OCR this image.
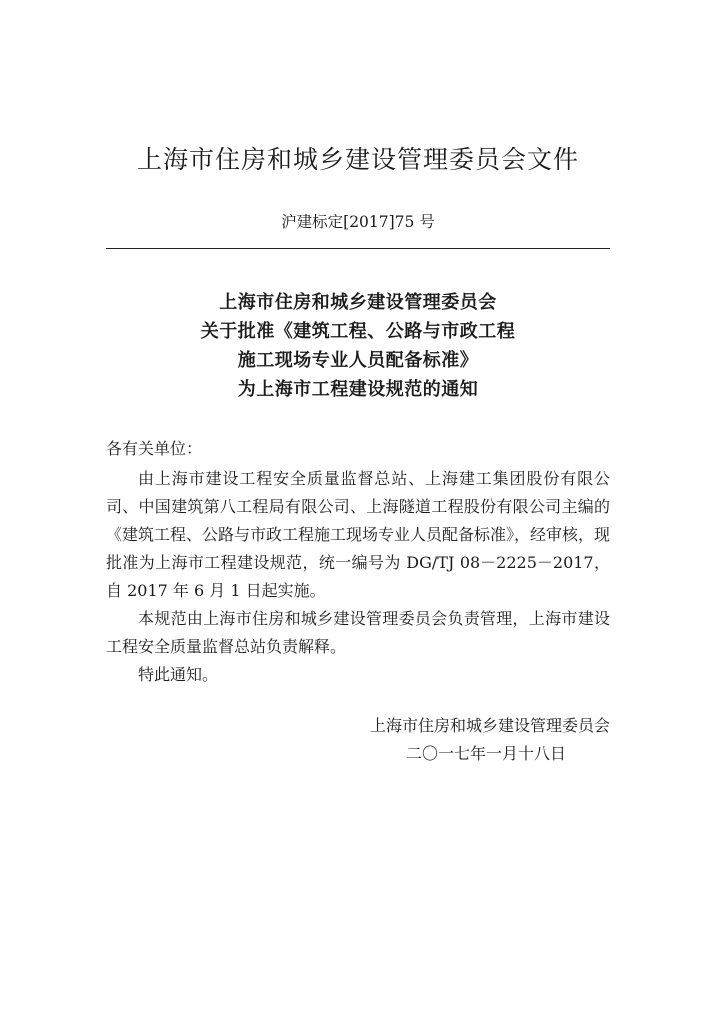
上海市住房和城乡建设管理委员会文件
沪建标定[2017]75 号
上海市住房和城乡建设管理委员会
关于批准《建筑工程、公路与市政工程
施工现场专业人员配备标准》
为上海市工程建设规范的通知
各有关单位：

由上海市建设工程安全质量监督总站、上海建工集团股份有限公司、中国建筑第八工程局有限公司、上海隧道工程股份有限公司主编的《建筑工程、公路与市政工程施工现场专业人员配备标准》，经审核，现批准为上海市工程建设规范，统一编号为 DG/TJ 08－2225－2017，自 2017 年 6 月 1 日起实施。

本规范由上海市住房和城乡建设管理委员会负责管理，上海市建设工程安全质量监督总站负责解释。

特此通知。

上海市住房和城乡建设管理委员会
二〇一七年一月十八日
